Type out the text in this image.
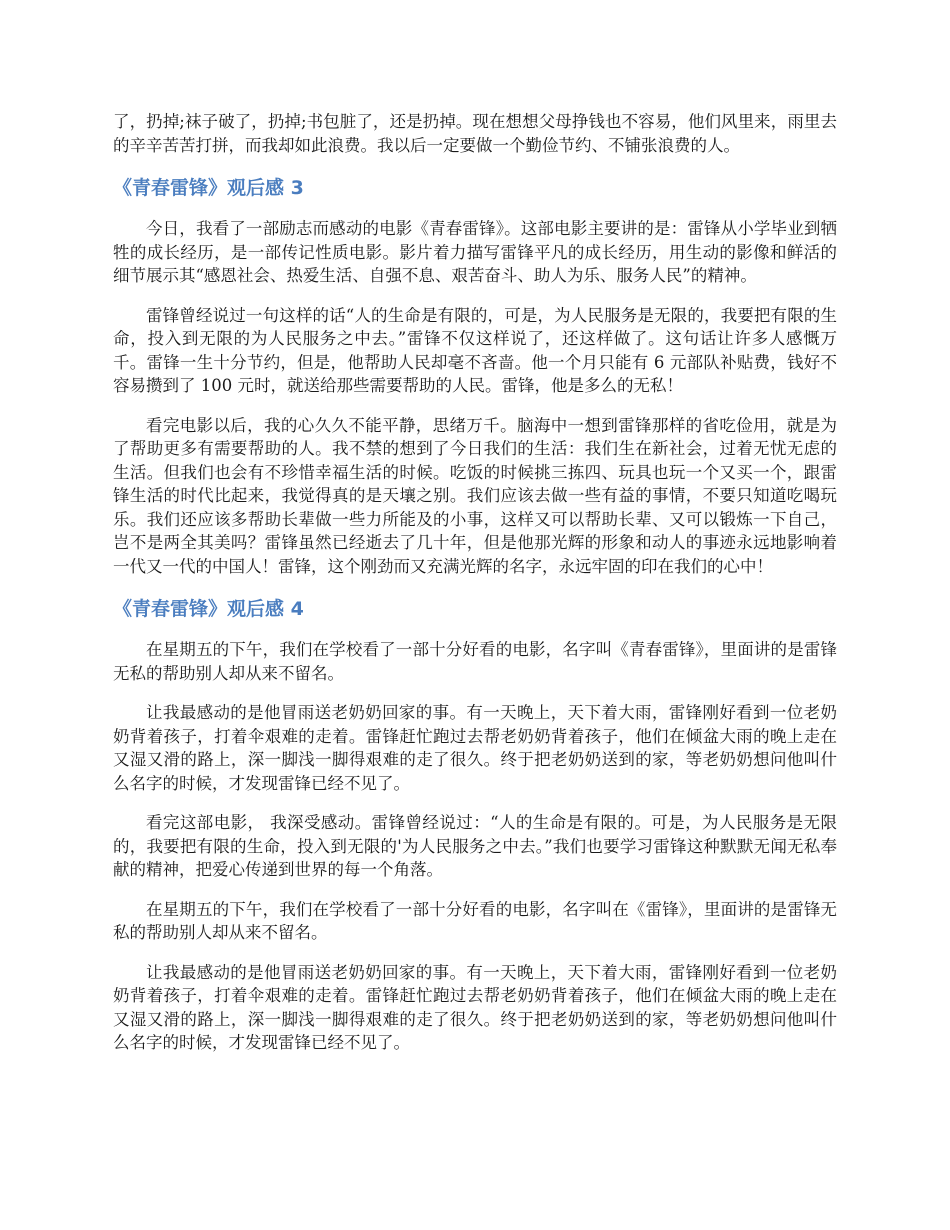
了，扔掉;袜子破了，扔掉;书包脏了，还是扔掉。现在想想父母挣钱也不容易，他们风里来，雨里去的辛辛苦苦打拼，而我却如此浪费。我以后一定要做一个勤俭节约、不铺张浪费的人。

《青春雷锋》观后感 3

今日，我看了一部励志而感动的电影《青春雷锋》。这部电影主要讲的是：雷锋从小学毕业到牺牲的成长经历，是一部传记性质电影。影片着力描写雷锋平凡的成长经历，用生动的影像和鲜活的细节展示其“感恩社会、热爱生活、自强不息、艰苦奋斗、助人为乐、服务人民”的精神。

雷锋曾经说过一句这样的话“人的生命是有限的，可是，为人民服务是无限的，我要把有限的生命，投入到无限的为人民服务之中去。”雷锋不仅这样说了，还这样做了。这句话让许多人感慨万千。雷锋一生十分节约，但是，他帮助人民却毫不吝啬。他一个月只能有 6 元部队补贴费，钱好不容易攒到了 100 元时，就送给那些需要帮助的人民。雷锋，他是多么的无私！

看完电影以后，我的心久久不能平静，思绪万千。脑海中一想到雷锋那样的省吃俭用，就是为了帮助更多有需要帮助的人。我不禁的想到了今日我们的生活：我们生在新社会，过着无忧无虑的生活。但我们也会有不珍惜幸福生活的时候。吃饭的时候挑三拣四、玩具也玩一个又买一个，跟雷锋生活的时代比起来，我觉得真的是天壤之别。我们应该去做一些有益的事情，不要只知道吃喝玩乐。我们还应该多帮助长辈做一些力所能及的小事，这样又可以帮助长辈、又可以锻炼一下自己，岂不是两全其美吗？雷锋虽然已经逝去了几十年，但是他那光辉的形象和动人的事迹永远地影响着一代又一代的中国人！雷锋，这个刚劲而又充满光辉的名字，永远牢固的印在我们的心中！

《青春雷锋》观后感 4

在星期五的下午，我们在学校看了一部十分好看的电影，名字叫《青春雷锋》，里面讲的是雷锋无私的帮助别人却从来不留名。

让我最感动的是他冒雨送老奶奶回家的事。有一天晚上，天下着大雨，雷锋刚好看到一位老奶奶背着孩子，打着伞艰难的走着。雷锋赶忙跑过去帮老奶奶背着孩子，他们在倾盆大雨的晚上走在又湿又滑的路上，深一脚浅一脚得艰难的走了很久。终于把老奶奶送到的家，等老奶奶想问他叫什么名字的时候，才发现雷锋已经不见了。

看完这部电影， 我深受感动。雷锋曾经说过：“人的生命是有限的。可是，为人民服务是无限的，我要把有限的生命，投入到无限的'为人民服务之中去。”我们也要学习雷锋这种默默无闻无私奉献的精神，把爱心传递到世界的每一个角落。

在星期五的下午，我们在学校看了一部十分好看的电影，名字叫在《雷锋》，里面讲的是雷锋无私的帮助别人却从来不留名。

让我最感动的是他冒雨送老奶奶回家的事。有一天晚上，天下着大雨，雷锋刚好看到一位老奶奶背着孩子，打着伞艰难的走着。雷锋赶忙跑过去帮老奶奶背着孩子，他们在倾盆大雨的晚上走在又湿又滑的路上，深一脚浅一脚得艰难的走了很久。终于把老奶奶送到的家，等老奶奶想问他叫什么名字的时候，才发现雷锋已经不见了。
